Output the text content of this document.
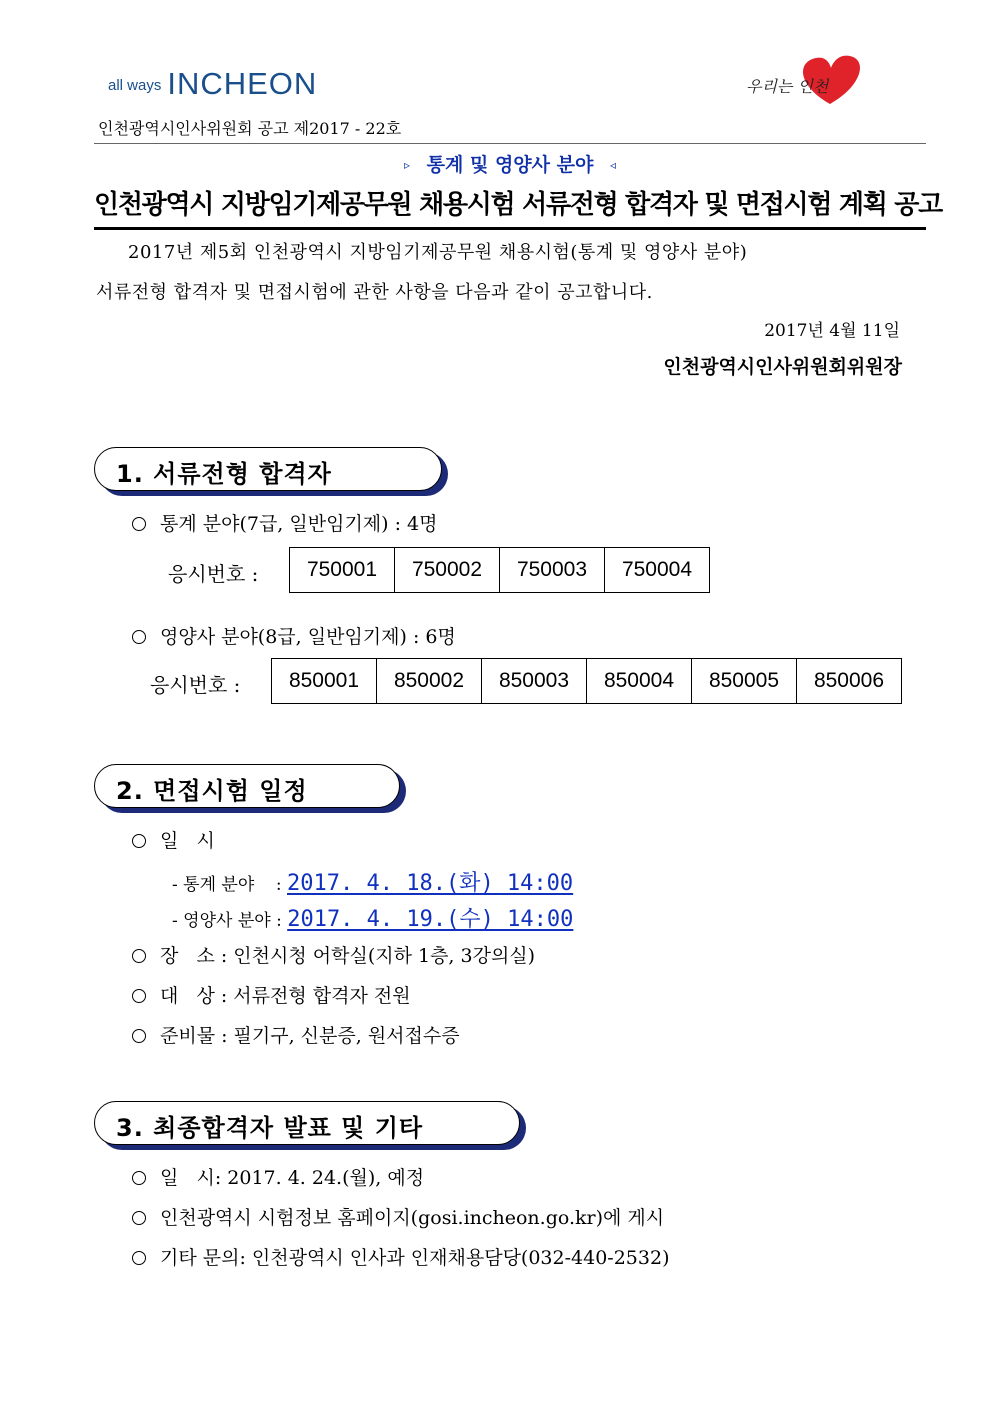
all ways INCHEON	우리는 인천
인천광역시인사위원회 공고 제2017 - 22호
▹ 통계 및 영양사 분야 ◃
인천광역시 지방임기제공무원 채용시험 서류전형 합격자 및 면접시험 계획 공고
2017년 제5회 인천광역시 지방임기제공무원 채용시험(통계 및 영양사 분야)
서류전형 합격자 및 면접시험에 관한 사항을 다음과 같이 공고합니다.
2017년 4월 11일
인천광역시인사위원회위원장
1. 서류전형 합격자
통계 분야(7급, 일반임기제) : 4명
응시번호 : 750001	750002	750003	750004
영양사 분야(8급, 일반임기제) : 6명
응시번호 : 850001	850002	850003	850004	850005	850006
2. 면접시험 일정
일   시
- 통계 분야    : 2017. 4. 18.(화) 14:00
- 영양사 분야 : 2017. 4. 19.(수) 14:00
장   소 : 인천시청 어학실(지하 1층, 3강의실)
대   상 : 서류전형 합격자 전원
준비물 : 필기구, 신분증, 원서접수증
3. 최종합격자 발표 및 기타
일   시: 2017. 4. 24.(월), 예정
인천광역시 시험정보 홈페이지(gosi.incheon.go.kr)에 게시
기타 문의: 인천광역시 인사과 인재채용담당(032-440-2532)
